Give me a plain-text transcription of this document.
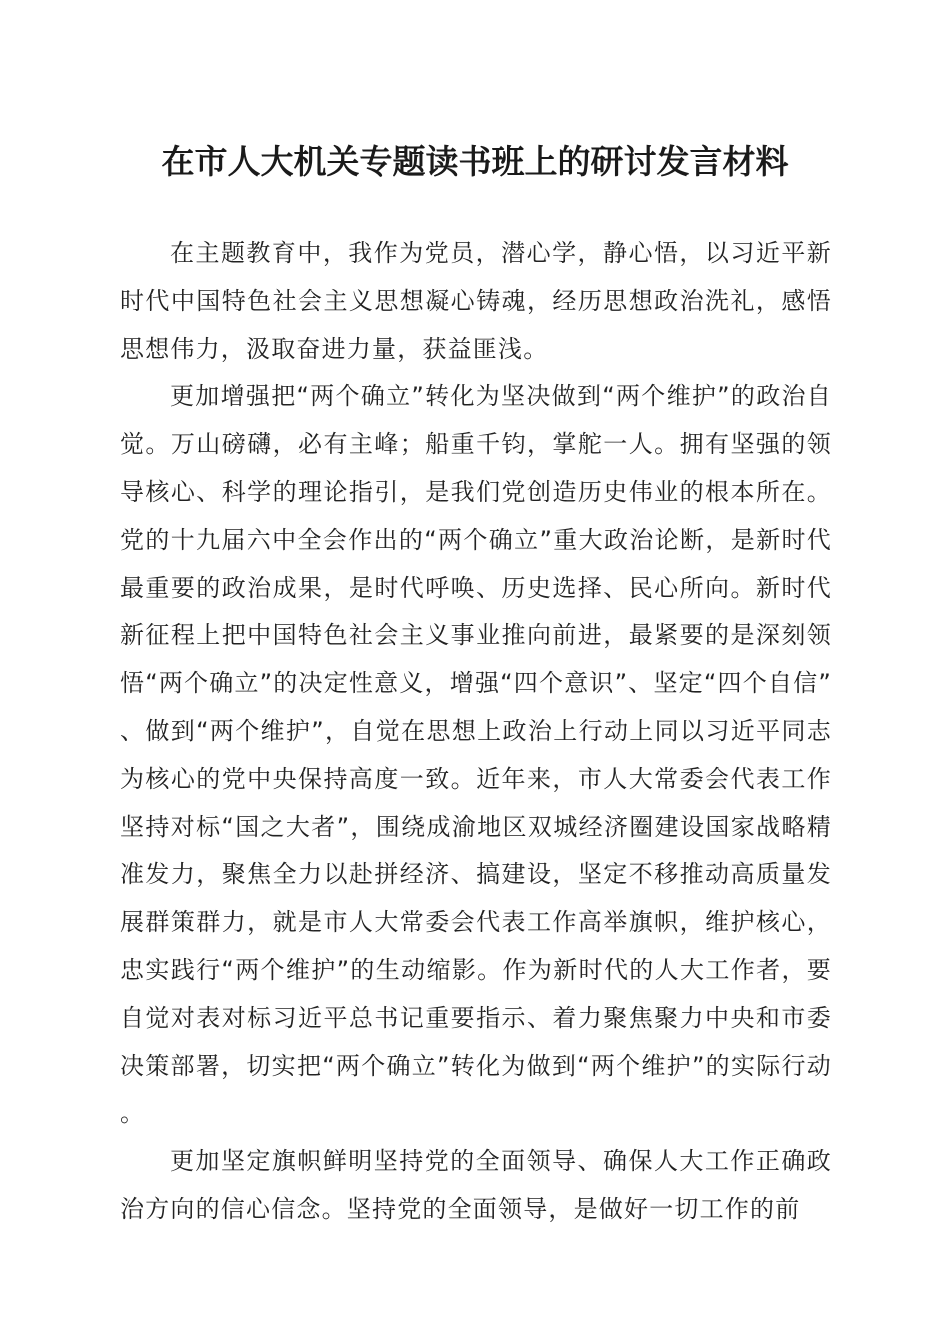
在市人大机关专题读书班上的研讨发言材料

在主题教育中，我作为党员，潜心学，静心悟，以习近平新时代中国特色社会主义思想凝心铸魂，经历思想政治洗礼，感悟思想伟力，汲取奋进力量，获益匪浅。

更加增强把“两个确立”转化为坚决做到“两个维护”的政治自觉。万山磅礴，必有主峰；船重千钧，掌舵一人。拥有坚强的领导核心、科学的理论指引，是我们党创造历史伟业的根本所在。党的十九届六中全会作出的“两个确立”重大政治论断，是新时代最重要的政治成果，是时代呼唤、历史选择、民心所向。新时代新征程上把中国特色社会主义事业推向前进，最紧要的是深刻领悟“两个确立”的决定性意义，增强“四个意识”、坚定“四个自信”、做到“两个维护”，自觉在思想上政治上行动上同以习近平同志为核心的党中央保持高度一致。近年来，市人大常委会代表工作坚持对标“国之大者”，围绕成渝地区双城经济圈建设国家战略精准发力，聚焦全力以赴拼经济、搞建设，坚定不移推动高质量发展群策群力，就是市人大常委会代表工作高举旗帜，维护核心，忠实践行“两个维护”的生动缩影。作为新时代的人大工作者，要自觉对表对标习近平总书记重要指示、着力聚焦聚力中央和市委决策部署，切实把“两个确立”转化为做到“两个维护”的实际行动。

更加坚定旗帜鲜明坚持党的全面领导、确保人大工作正确政治方向的信心信念。坚持党的全面领导，是做好一切工作的前
